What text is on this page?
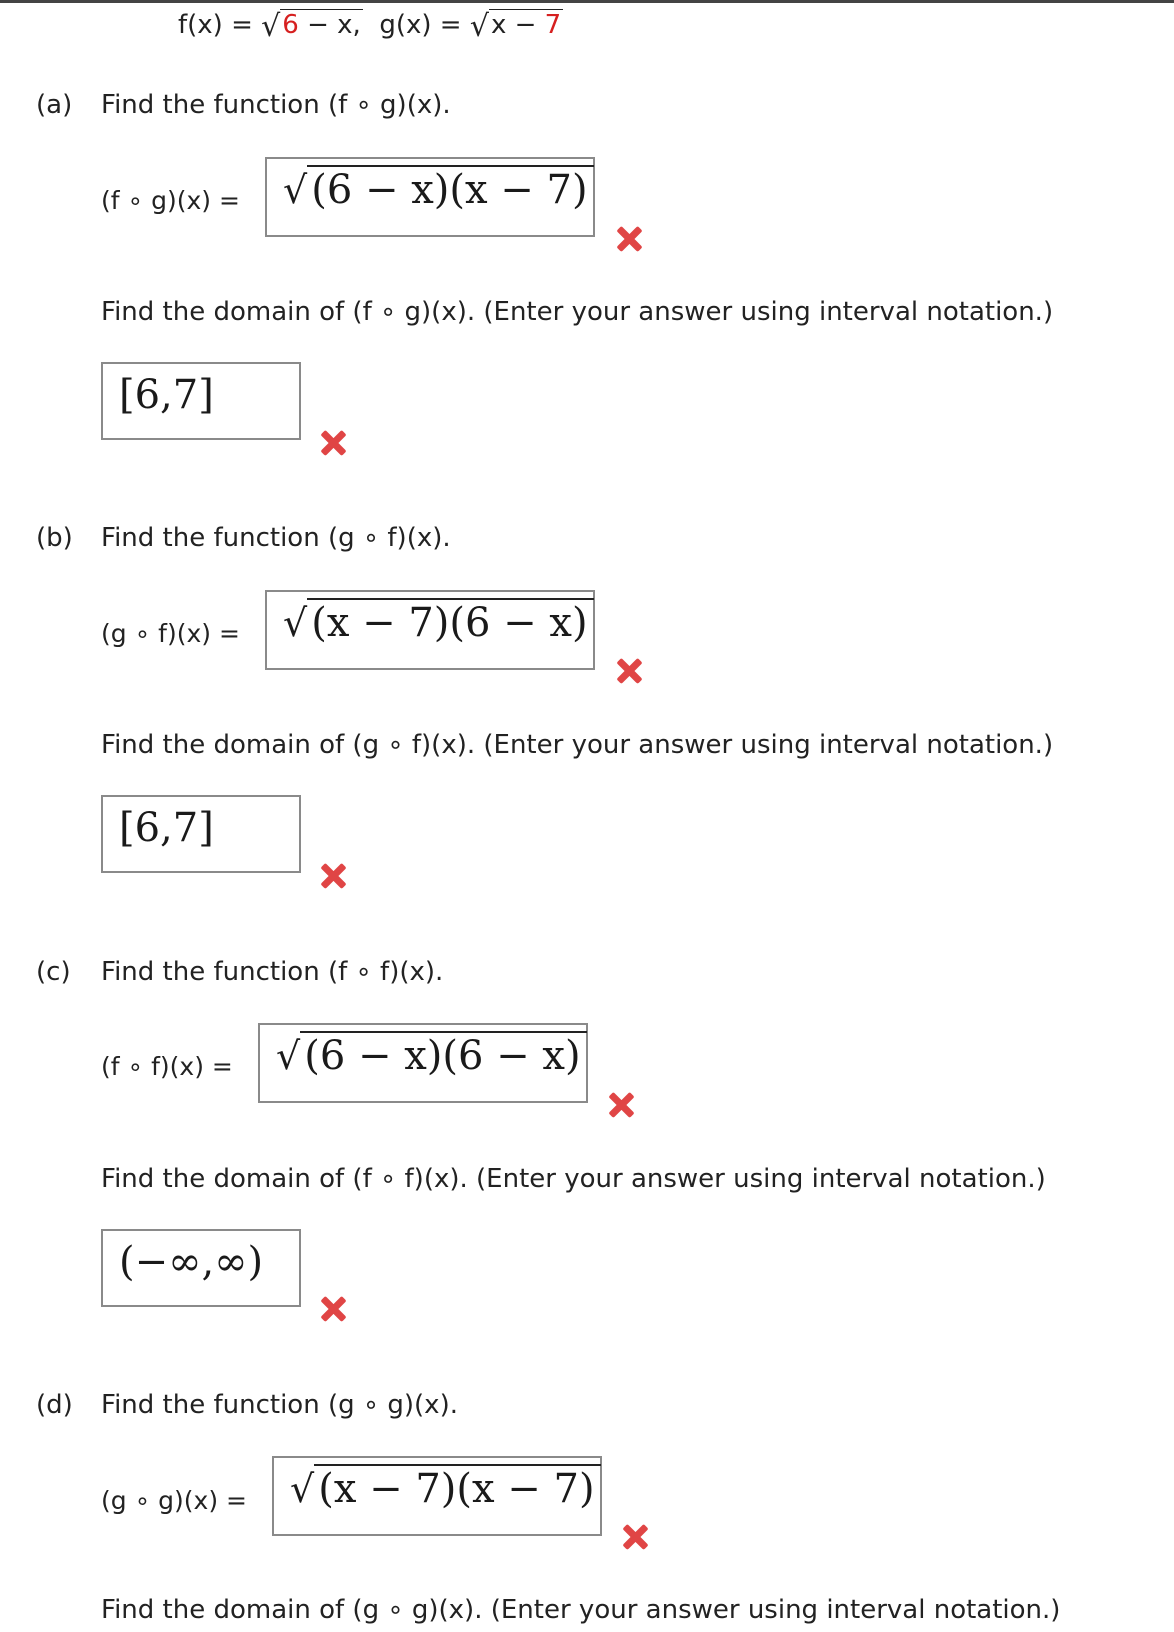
f(x) = √6 − x, g(x) = √x − 7
(a) Find the function (f ∘ g)(x).
(f ∘ g)(x) = √ (6 − x)(x − 7)
Find the domain of (f ∘ g)(x). (Enter your answer using interval notation.)
[6,7]
(b) Find the function (g ∘ f)(x).
(g ∘ f)(x) = √ (x − 7)(6 − x)
Find the domain of (g ∘ f)(x). (Enter your answer using interval notation.)
[6,7]
(c) Find the function (f ∘ f)(x).
(f ∘ f)(x) = √ (6 − x)(6 − x)
Find the domain of (f ∘ f)(x). (Enter your answer using interval notation.)
(−∞,∞)
(d) Find the function (g ∘ g)(x).
(g ∘ g)(x) = √ (x − 7)(x − 7)
Find the domain of (g ∘ g)(x). (Enter your answer using interval notation.)
